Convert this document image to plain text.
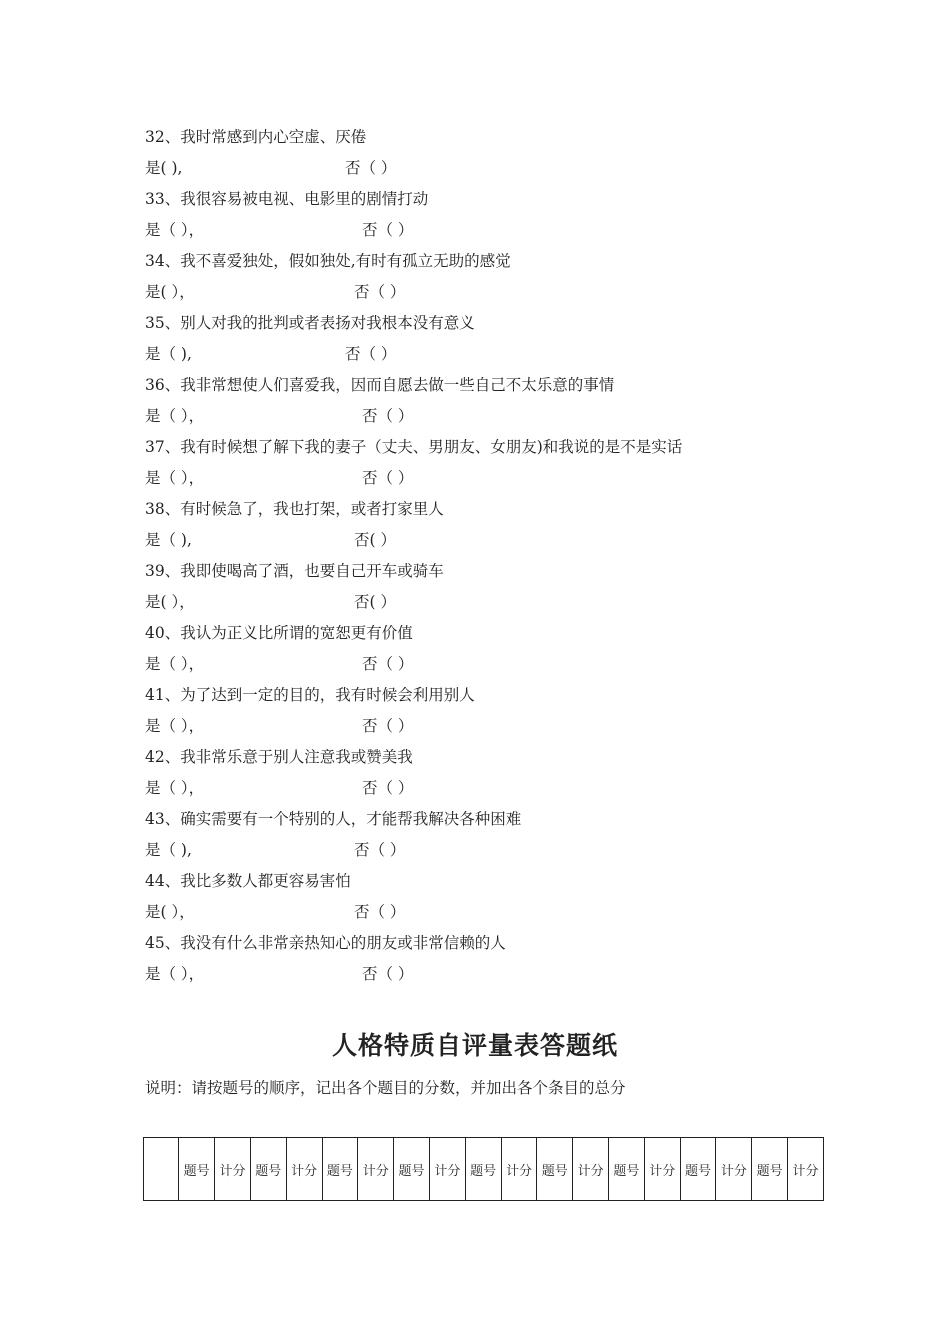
32、我时常感到内心空虚、厌倦
是( ),	否（ ）
33、我很容易被电视、电影里的剧情打动
是（ ），	否（ ）
34、我不喜爱独处，假如独处,有时有孤立无助的感觉
是( ），	否（ ）
35、别人对我的批判或者表扬对我根本没有意义
是（ ),	否（ ）
36、我非常想使人们喜爱我，因而自愿去做一些自己不太乐意的事情
是（ ），	否（ ）
37、我有时候想了解下我的妻子（丈夫、男朋友、女朋友)和我说的是不是实话
是（ ），	否（ ）
38、有时候急了，我也打架，或者打家里人
是（ ),	否( ）
39、我即使喝高了酒，也要自己开车或骑车
是( ），	否( ）
40、我认为正义比所谓的宽恕更有价值
是（ ），	否（ ）
41、为了达到一定的目的，我有时候会利用别人
是（ ），	否（ ）
42、我非常乐意于别人注意我或赞美我
是（ ），	否（ ）
43、确实需要有一个特别的人，才能帮我解决各种困难
是（ ),	否（ ）
44、我比多数人都更容易害怕
是( ），	否（ ）
45、我没有什么非常亲热知心的朋友或非常信赖的人
是（ ），	否（ ）
人格特质自评量表答题纸
说明：请按题号的顺序，记出各个题目的分数，并加出各个条目的总分
	题号	计分	题号	计分	题号	计分	题号	计分	题号	计分	题号	计分	题号	计分	题号	计分	题号	计分
